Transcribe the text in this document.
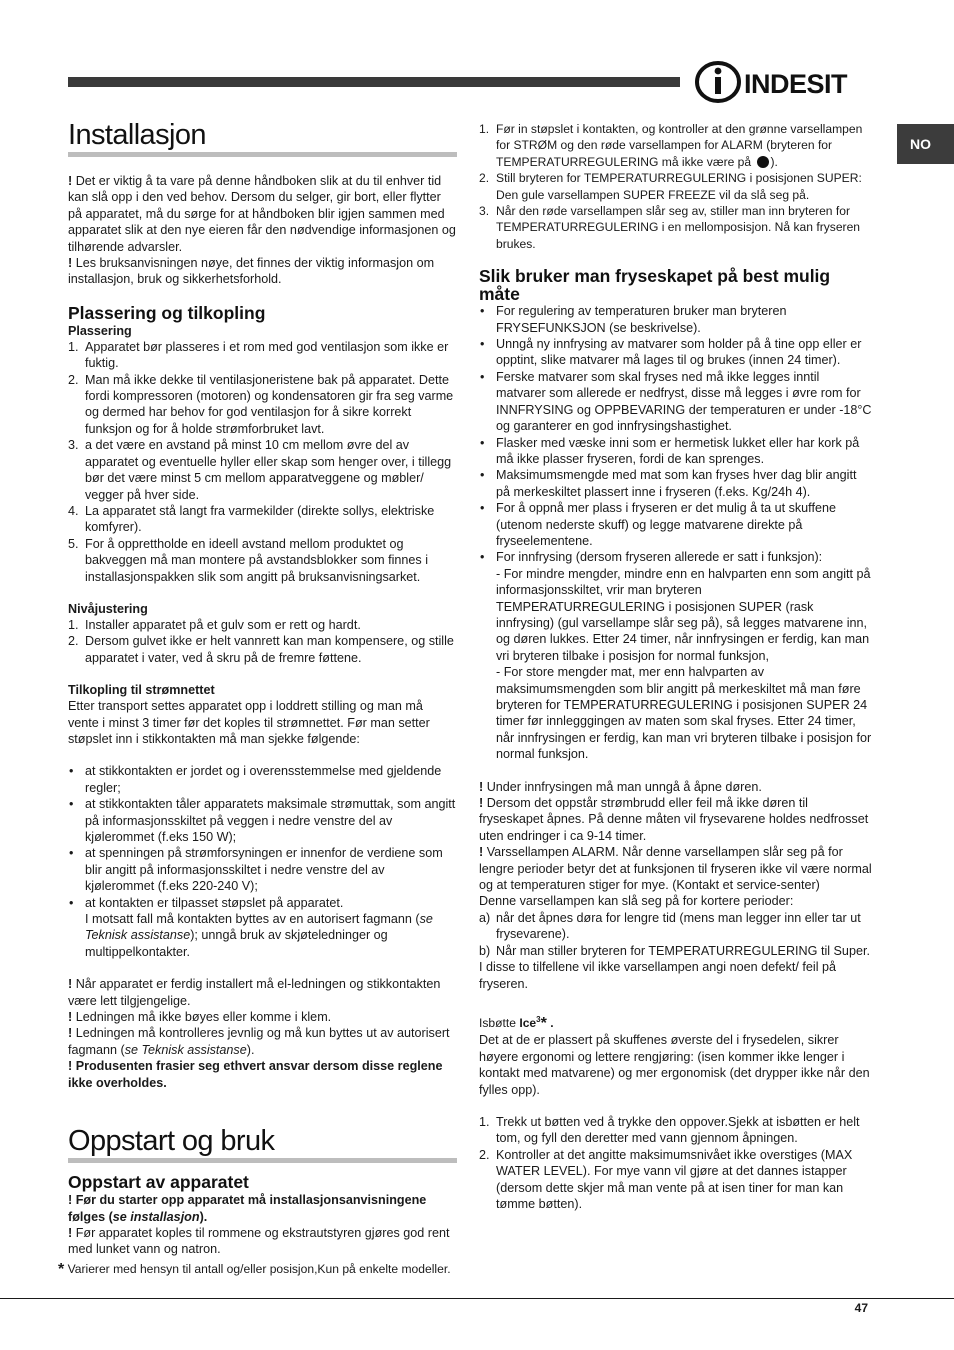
INDESIT
NO
Installasjon

! Det er viktig å ta vare på denne håndboken slik at du til enhver tid kan slå opp i den ved behov. Dersom du selger, gir bort, eller flytter på apparatet, må du sørge for at håndboken blir igjen sammen med apparatet slik at den nye eieren får den nødvendige informasjonen og tilhørende advarsler.

! Les bruksanvisningen nøye, det finnes der viktig informasjon om installasjon, bruk og sikkerhetsforhold.

Plassering og tilkopling
Plassering
1. Apparatet bør plasseres i et rom med god ventilasjon som ikke er fuktig.
2. Man må ikke dekke til ventilasjoneristene bak på apparatet. Dette fordi kompressoren (motoren) og kondensatoren gir fra seg varme og dermed har behov for god ventilasjon for å sikre korrekt funksjon og for å holde strømforbruket lavt.
3. a det være en avstand på minst 10 cm mellom øvre del av apparatet og eventuelle hyller eller skap som henger over, i tillegg bør det være minst 5 cm mellom apparatveggene og møbler/ vegger på hver side.
4. La apparatet stå langt fra varmekilder (direkte sollys, elektriske komfyrer).
5. For å opprettholde en ideell avstand mellom produktet og bakveggen må man montere på avstandsblokker som finnes i installasjonspakken slik som angitt på bruksanvisningsarket.
Nivåjustering
1. Installer apparatet på et gulv som er rett og hardt.
2. Dersom gulvet ikke er helt vannrett kan man kompensere, og stille apparatet i vater, ved å skru på de fremre føttene.
Tilkopling til strømnettet

Etter transport settes apparatet opp i loddrett stilling og man må vente i minst 3 timer før det koples til strømnettet. Før man setter støpslet inn i stikkontakten må man sjekke følgende:

• at stikkontakten er jordet og i overensstemmelse med gjeldende regler;
• at stikkontakten tåler apparatets maksimale strømuttak, som angitt på informasjonsskiltet på veggen i nedre venstre del av kjølerommet (f.eks 150 W);
• at spenningen på strømforsyningen er innenfor de verdiene som blir angitt på informasjonsskiltet i nedre venstre del av kjølerommet (f.eks 220-240 V);
• at kontakten er tilpasset støpslet på apparatet.
I motsatt fall må kontakten byttes av en autorisert fagmann (se Teknisk assistanse); unngå bruk av skjøteledninger og multippelkontakter.

! Når apparatet er ferdig installert må el-ledningen og stikkontakten være lett tilgjengelige.

! Ledningen må ikke bøyes eller komme i klem.

! Ledningen må kontrolleres jevnlig og må kun byttes ut av autorisert fagmann (se Teknisk assistanse).

! Produsenten frasier seg ethvert ansvar dersom disse reglene ikke overholdes.

Oppstart og bruk
Oppstart av apparatet

! Før du starter opp apparatet må installasjonsanvisningene følges (se installasjon).

! Før apparatet koples til rommene og ekstrautstyren gjøres god rent med lunket vann og natron.

* Varierer med hensyn til antall og/eller posisjon,Kun på enkelte modeller.

1. Før in støpslet i kontakten, og kontroller at den grønne varsellampen for STRØM og den røde varsellampen for ALARM (bryteren for TEMPERATURREGULERING må ikke være på ).
2. Still bryteren for TEMPERATURREGULERING i posisjonen SUPER: Den gule varsellampen SUPER FREEZE vil da slå seg på.
3. Når den røde varsellampen slår seg av, stiller man inn bryteren for TEMPERATURREGULERING i en mellomposisjon. Nå kan fryseren brukes.
Slik bruker man fryseskapet på best mulig måte
• For regulering av temperaturen bruker man bryteren FRYSEFUNKSJON (se beskrivelse).
• Unngå ny innfrysing av matvarer som holder på å tine opp eller er opptint, slike matvarer må lages til og brukes (innen 24 timer).
• Ferske matvarer som skal fryses ned må ikke legges inntil matvarer som allerede er nedfryst, disse må legges i øvre rom for INNFRYSING og OPPBEVARING der temperaturen er under -18°C og garanterer en god innfrysingshastighet.
• Flasker med væske inni som er hermetisk lukket eller har kork på må ikke plasser fryseren, fordi de kan sprenges.
• Maksimumsmengde med mat som kan fryses hver dag blir angitt på merkeskiltet plassert inne i fryseren (f.eks. Kg/24h 4).
• For å oppnå mer plass i fryseren er det mulig å ta ut skuffene (utenom nederste skuff) og legge matvarene direkte på fryseelementene.
• For innfrysing (dersom fryseren allerede er satt i funksjon):
- For mindre mengder, mindre enn en halvparten enn som angitt på informasjonsskiltet, vrir man bryteren TEMPERATURREGULERING i posisjonen SUPER (rask innfrysing) (gul varsellampe slår seg på), så legges matvarene inn, og døren lukkes. Etter 24 timer, når innfrysingen er ferdig, kan man vri bryteren tilbake i posisjon for normal funksjon,
- For store mengder mat, mer enn halvparten av maksimumsmengden som blir angitt på merkeskiltet må man føre bryteren for TEMPERATURREGULERING i posisjonen SUPER 24 timer før innlegggingen av maten som skal fryses. Etter 24 timer, når innfrysingen er ferdig, kan man vri bryteren tilbake i posisjon for normal funksjon.

! Under innfrysingen må man unngå å åpne døren.

! Dersom det oppstår strømbrudd eller feil må ikke døren til fryseskapet åpnes. På denne måten vil frysevarene holdes nedfrosset uten endringer i ca 9-14 timer.

! Varssellampen ALARM. Når denne varsellampen slår seg på for lengre perioder betyr det at funksjonen til fryseren ikke vil være normal og at temperaturen stiger for mye. (Kontakt et service-senter)

Denne varsellampen kan slå seg på for kortere perioder:

a) når det åpnes døra for lengre tid (mens man legger inn eller tar ut frysevarene).
b) Når man stiller bryteren for TEMPERATURREGULERING til Super.

I disse to tilfellene vil ikke varsellampen angi noen defekt/ feil på fryseren.

Isbøtte Ice$^3$* .

Det at de er plassert på skuffenes øverste del i frysedelen, sikrer høyere ergonomi og lettere rengjøring: (isen kommer ikke lenger i kontakt med matvarene) og mer ergonomisk (det drypper ikke når den fylles opp).

1. Trekk ut bøtten ved å trykke den oppover.Sjekk at isbøtten er helt tom, og fyll den deretter med vann gjennom åpningen.
2. Kontroller at det angitte maksimumsnivået ikke overstiges (MAX WATER LEVEL). For mye vann vil gjøre at det dannes istapper (dersom dette skjer må man vente på at isen tiner for man kan tømme bøtten).
47
